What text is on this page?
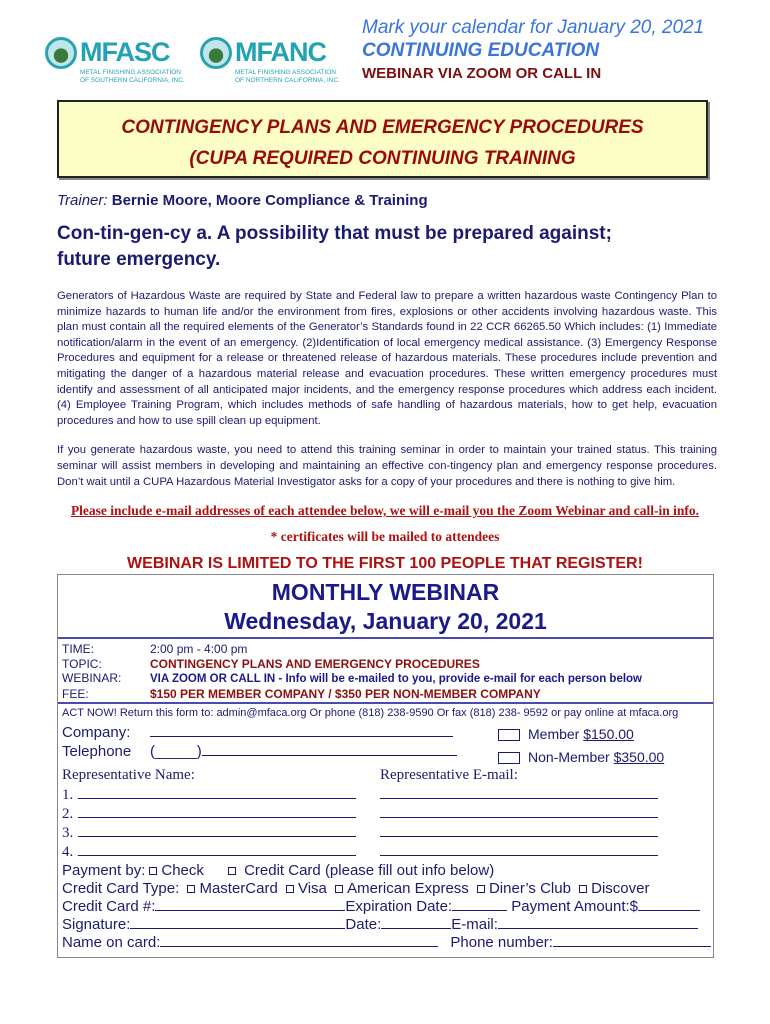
MFASC
METAL FINISHING ASSOCIATION
OF SOUTHERN CALIFORNIA, INC.
MFANC
METAL FINISHING ASSOCIATION
OF NORTHERN CALIFORNIA, INC.
Mark your calendar for January 20, 2021
CONTINUING EDUCATION
WEBINAR VIA ZOOM OR CALL IN
CONTINGENCY PLANS AND EMERGENCY PROCEDURES
(CUPA REQUIRED CONTINUING TRAINING
Trainer: Bernie Moore, Moore Compliance & Training
Con-tin-gen-cy a. A possibility that must be prepared against;
future emergency.
Generators of Hazardous Waste are required by State and Federal law to prepare a written hazardous waste Contingency Plan to minimize hazards to human life and/or the environment from fires, explosions or other accidents involving hazardous waste. This plan must contain all the required elements of the Generator’s Standards found in 22 CCR 66265.50 Which includes: (1) Immediate notification/alarm in the event of an emergency. (2)Identification of local emergency medical assistance. (3) Emergency Response Procedures and equipment for a release or threatened release of hazardous materials. These procedures include prevention and mitigating the danger of a hazardous material release and evacuation procedures. These written emergency procedures must identify and assessment of all anticipated major incidents, and the emergency response procedures which address each incident. (4) Employee Training Program, which includes methods of safe handling of hazardous materials, how to get help, evacuation procedures and how to use spill clean up equipment.
If you generate hazardous waste, you need to attend this training seminar in order to maintain your trained status. This training seminar will assist members in developing and maintaining an effective con-tingency plan and emergency response procedures. Don’t wait until a CUPA Hazardous Material Investigator asks for a copy of your procedures and there is nothing to give him.
Please include e-mail addresses of each attendee below, we will e-mail you the Zoom Webinar and call-in info.
* certificates will be mailed to attendees
WEBINAR IS LIMITED TO THE FIRST 100 PEOPLE THAT REGISTER!
MONTHLY WEBINAR
Wednesday, January 20, 2021
TIME:	2:00 pm - 4:00 pm
TOPIC:	CONTINGENCY PLANS AND EMERGENCY PROCEDURES
WEBINAR: VIA ZOOM OR CALL IN - Info will be e-mailed to you, provide e-mail for each person below
FEE:	$150 PER MEMBER COMPANY / $350 PER NON-MEMBER COMPANY
ACT NOW! Return this form to: admin@mfaca.org Or phone (818) 238-9590 Or fax (818) 238- 9592 or pay online at mfaca.org
Company:
Telephone (_____)
Member $150.00
Non-Member $350.00
Representative Name:	Representative E-mail:
1.
2.
3.
4.
Payment by: Check	Credit Card (please fill out info below)
Credit Card Type: MasterCard Visa American Express Diner’s Club Discover
Credit Card #:	Expiration Date:	Payment Amount:$
Signature:	Date:	E-mail:
Name on card:	Phone number:
